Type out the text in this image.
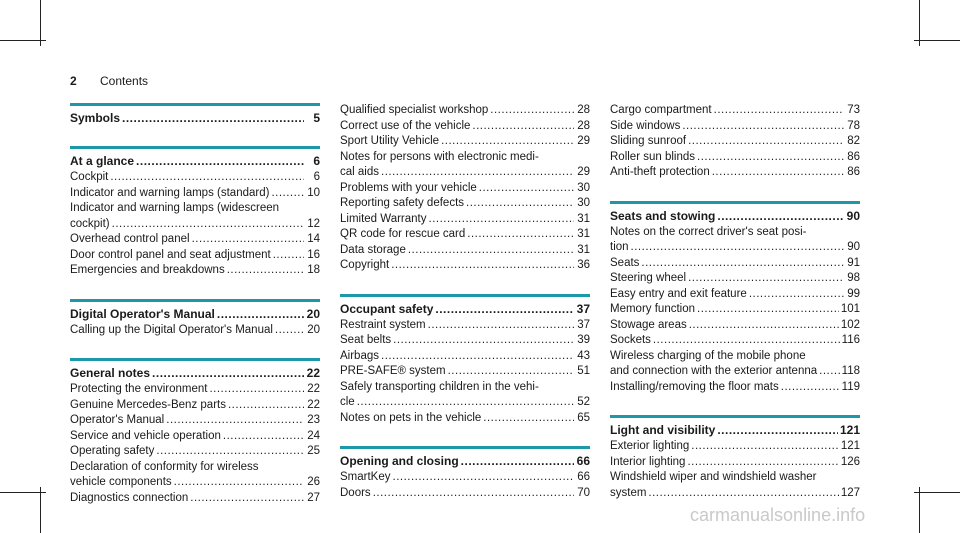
2 Contents
Symbols .....	5
At a glance .....	6
Cockpit .....	6
Indicator and warning lamps (standard) .....	10
Indicator and warning lamps (widescreen
cockpit) .....	12
Overhead control panel .....	14
Door control panel and seat adjustment .....	16
Emergencies and breakdowns .....	18
Digital Operator's Manual .....	20
Calling up the Digital Operator's Manual .....	20
General notes .....	22
Protecting the environment .....	22
Genuine Mercedes-Benz parts .....	22
Operator's Manual .....	23
Service and vehicle operation .....	24
Operating safety .....	25
Declaration of conformity for wireless
vehicle components .....	26
Diagnostics connection .....	27
Qualified specialist workshop .....	28
Correct use of the vehicle .....	28
Sport Utility Vehicle .....	29
Notes for persons with electronic medi-
cal aids .....	29
Problems with your vehicle .....	30
Reporting safety defects .....	30
Limited Warranty .....	31
QR code for rescue card .....	31
Data storage .....	31
Copyright .....	36
Occupant safety .....	37
Restraint system .....	37
Seat belts .....	39
Airbags .....	43
PRE-SAFE® system .....	51
Safely transporting children in the vehi-
cle .....	52
Notes on pets in the vehicle .....	65
Opening and closing .....	66
SmartKey .....	66
Doors .....	70
Cargo compartment .....	73
Side windows .....	78
Sliding sunroof .....	82
Roller sun blinds .....	86
Anti-theft protection .....	86
Seats and stowing .....	90
Notes on the correct driver's seat posi-
tion .....	90
Seats .....	91
Steering wheel .....	98
Easy entry and exit feature .....	99
Memory function .....	101
Stowage areas .....	102
Sockets .....	116
Wireless charging of the mobile phone
and connection with the exterior antenna ..... 118
Installing/removing the floor mats .....	119
Light and visibility .....	121
Exterior lighting .....	121
Interior lighting .....	126
Windshield wiper and windshield washer
system .....	127
carmanualsonline.info
